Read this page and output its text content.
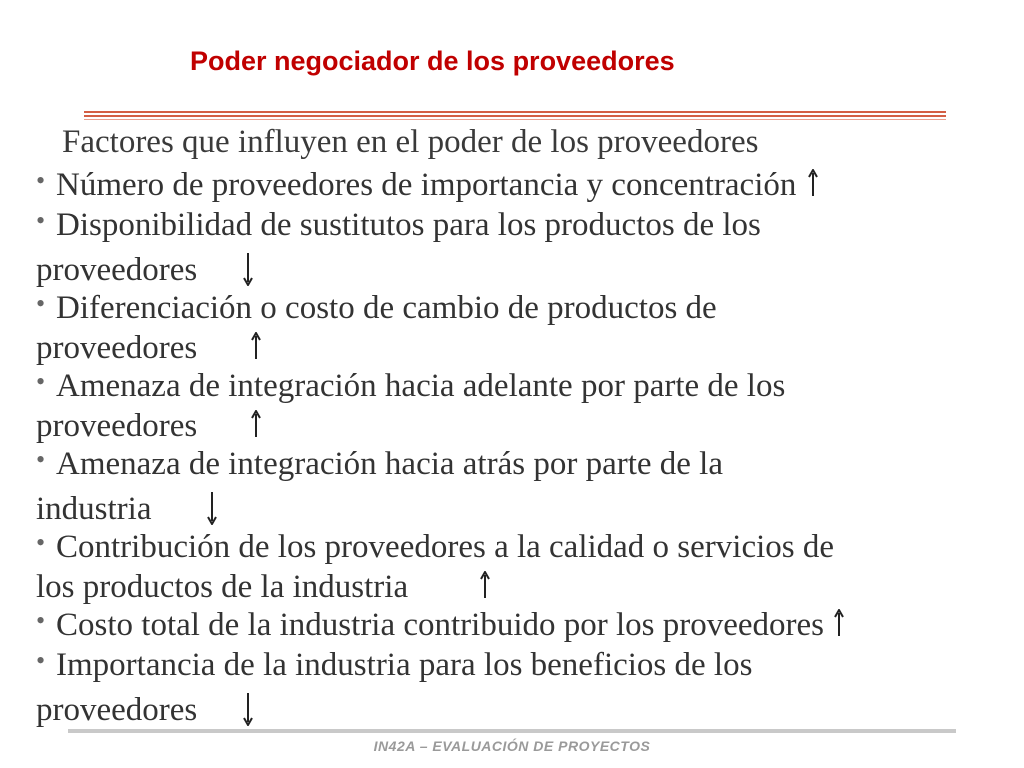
Poder negociador de los proveedores
Factores que influyen en el poder de los proveedores
• Número de proveedores de importancia y concentración
• Disponibilidad de sustitutos para los productos de los
proveedores
• Diferenciación o costo de cambio de productos de
proveedores
• Amenaza de integración hacia adelante por parte de los
proveedores
• Amenaza de integración hacia atrás por parte de la
industria
• Contribución de los proveedores a la calidad o servicios de
los productos de la industria
• Costo total de la industria contribuido por los proveedores
• Importancia de la industria para los beneficios de los
proveedores
IN42A – EVALUACIÓN DE PROYECTOS
